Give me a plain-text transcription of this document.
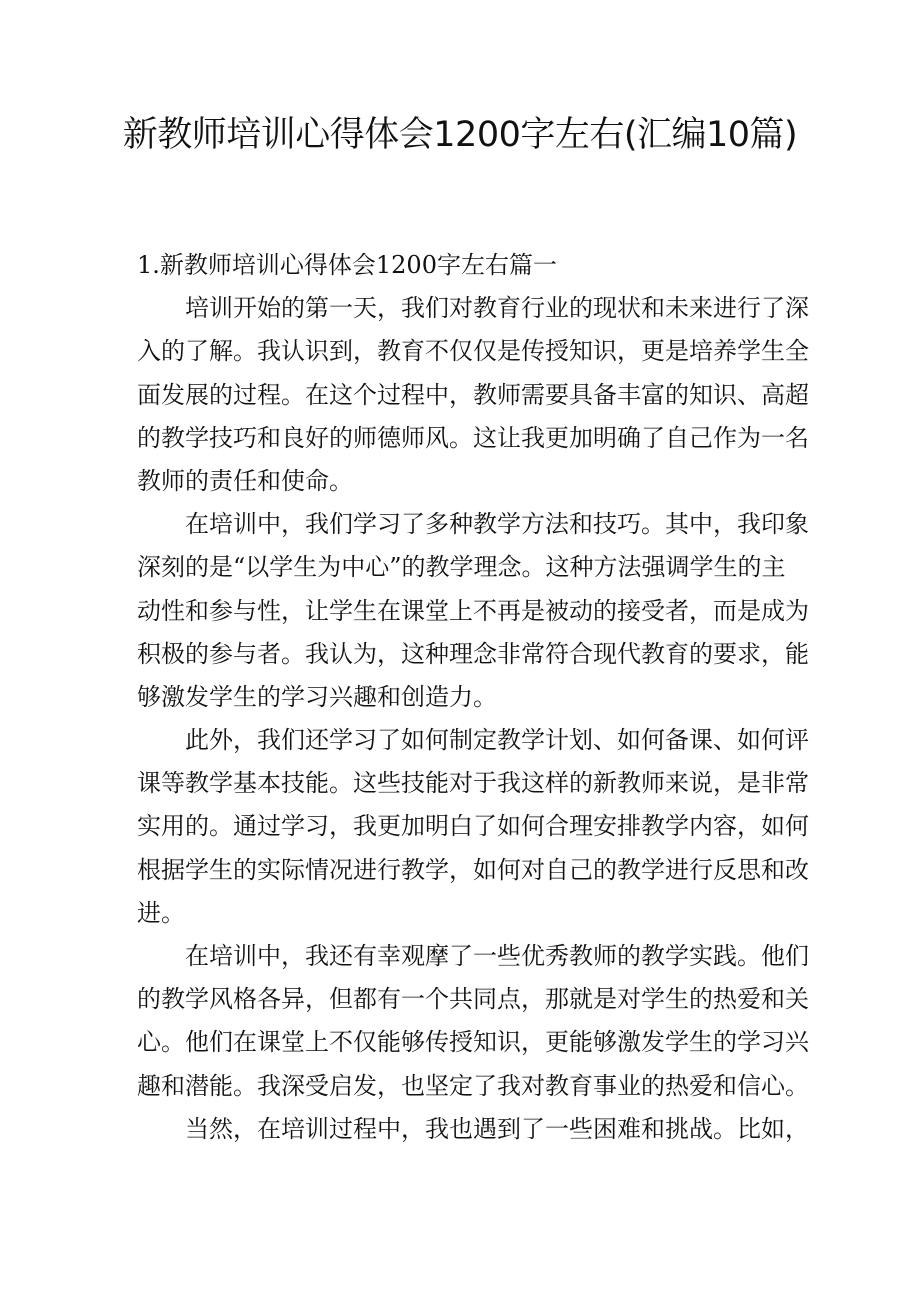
新教师培训心得体会1200字左右(汇编10篇)
1.新教师培训心得体会1200字左右篇一
培训开始的第一天，我们对教育行业的现状和未来进行了深
入的了解。我认识到，教育不仅仅是传授知识，更是培养学生全
面发展的过程。在这个过程中，教师需要具备丰富的知识、高超
的教学技巧和良好的师德师风。这让我更加明确了自己作为一名
教师的责任和使命。
在培训中，我们学习了多种教学方法和技巧。其中，我印象
深刻的是“以学生为中心”的教学理念。这种方法强调学生的主
动性和参与性，让学生在课堂上不再是被动的接受者，而是成为
积极的参与者。我认为，这种理念非常符合现代教育的要求，能
够激发学生的学习兴趣和创造力。
此外，我们还学习了如何制定教学计划、如何备课、如何评
课等教学基本技能。这些技能对于我这样的新教师来说，是非常
实用的。通过学习，我更加明白了如何合理安排教学内容，如何
根据学生的实际情况进行教学，如何对自己的教学进行反思和改
进。
在培训中，我还有幸观摩了一些优秀教师的教学实践。他们
的教学风格各异，但都有一个共同点，那就是对学生的热爱和关
心。他们在课堂上不仅能够传授知识，更能够激发学生的学习兴
趣和潜能。我深受启发，也坚定了我对教育事业的热爱和信心。
当然，在培训过程中，我也遇到了一些困难和挑战。比如，
